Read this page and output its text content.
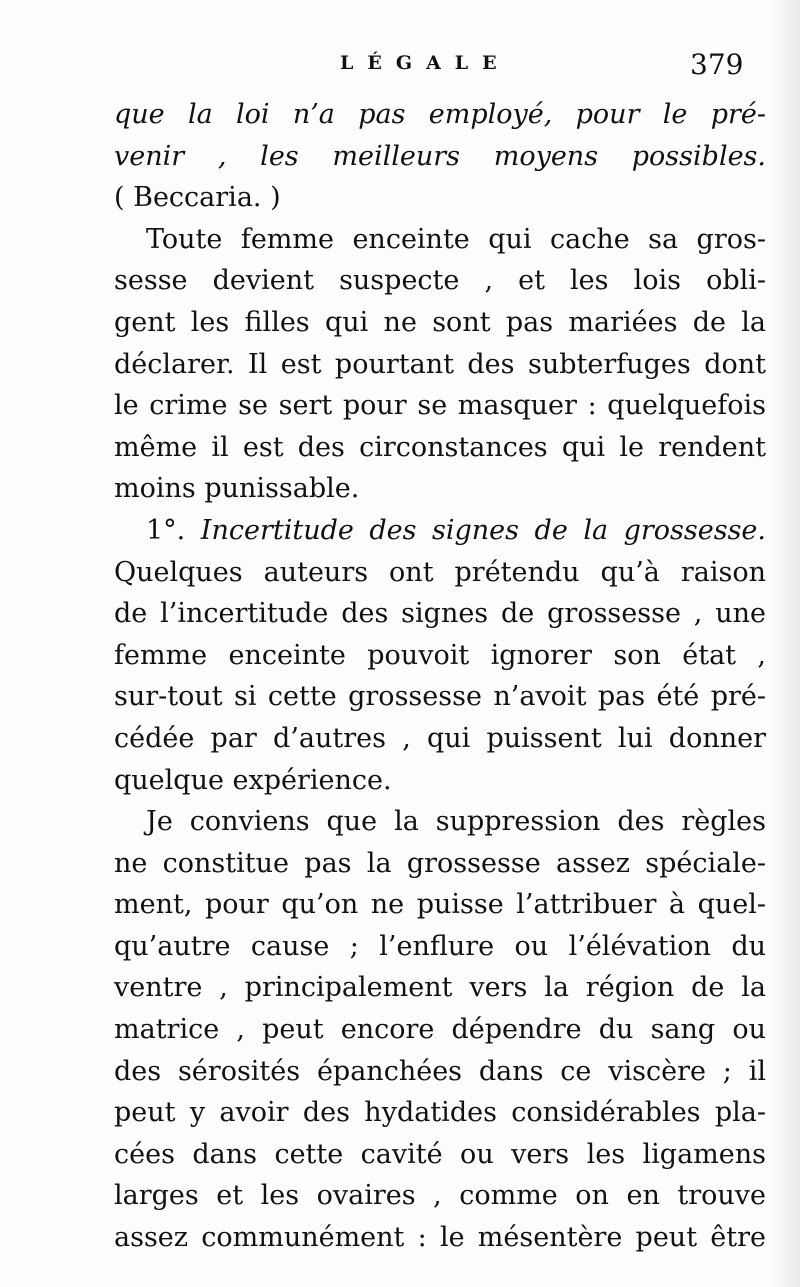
LÉGALE	379
que la loi n’a pas employé, pour le pré-
venir , les meilleurs moyens possibles.
( Beccaria. )
Toute femme enceinte qui cache sa gros-
sesse devient suspecte , et les lois obli-
gent les filles qui ne sont pas mariées de la
déclarer. Il est pourtant des subterfuges dont
le crime se sert pour se masquer : quelquefois
même il est des circonstances qui le rendent
moins punissable.
1°. Incertitude des signes de la grossesse.
Quelques auteurs ont prétendu qu’à raison
de l’incertitude des signes de grossesse , une
femme enceinte pouvoit ignorer son état ,
sur-tout si cette grossesse n’avoit pas été pré-
cédée par d’autres , qui puissent lui donner
quelque expérience.
Je conviens que la suppression des règles
ne constitue pas la grossesse assez spéciale-
ment, pour qu’on ne puisse l’attribuer à quel-
qu’autre cause ; l’enflure ou l’élévation du
ventre , principalement vers la région de la
matrice , peut encore dépendre du sang ou
des sérosités épanchées dans ce viscère ; il
peut y avoir des hydatides considérables pla-
cées dans cette cavité ou vers les ligamens
larges et les ovaires , comme on en trouve
assez communément : le mésentère peut être
